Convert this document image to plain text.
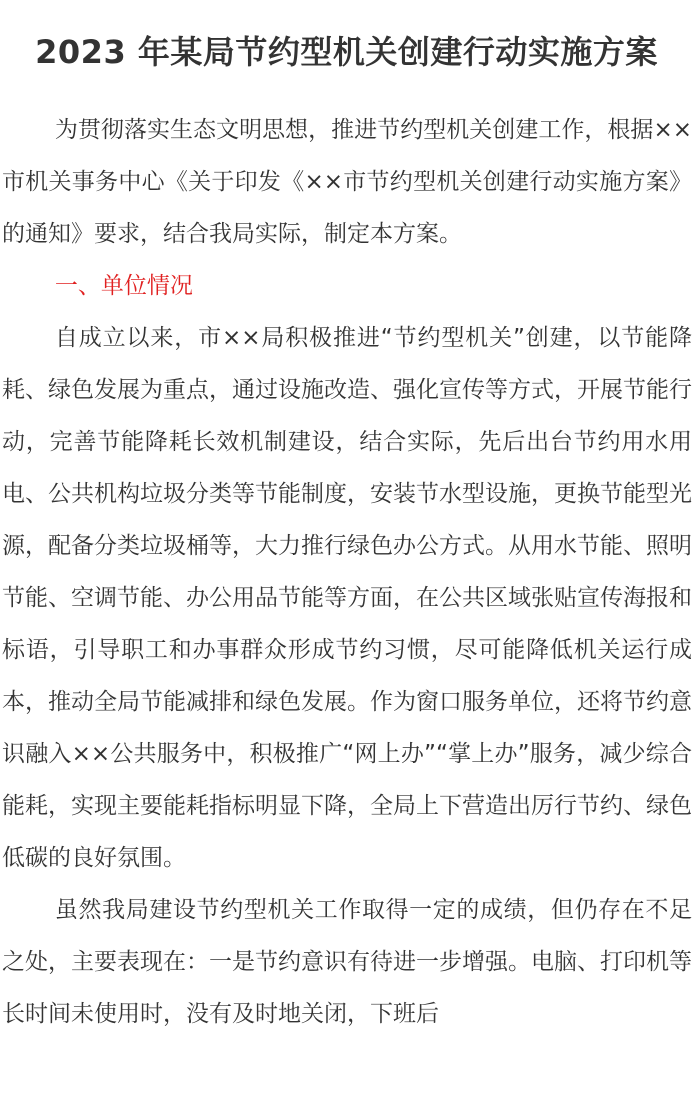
2023 年某局节约型机关创建行动实施方案

为贯彻落实生态文明思想，推进节约型机关创建工作，根据××市机关事务中心《关于印发《××市节约型机关创建行动实施方案》的通知》要求，结合我局实际，制定本方案。

一、单位情况

自成立以来，市××局积极推进“节约型机关”创建，以节能降耗、绿色发展为重点，通过设施改造、强化宣传等方式，开展节能行动，完善节能降耗长效机制建设，结合实际，先后出台节约用水用电、公共机构垃圾分类等节能制度，安装节水型设施，更换节能型光源，配备分类垃圾桶等，大力推行绿色办公方式。从用水节能、照明节能、空调节能、办公用品节能等方面，在公共区域张贴宣传海报和标语，引导职工和办事群众形成节约习惯，尽可能降低机关运行成本，推动全局节能减排和绿色发展。作为窗口服务单位，还将节约意识融入××公共服务中，积极推广“网上办”“掌上办”服务，减少综合能耗，实现主要能耗指标明显下降，全局上下营造出厉行节约、绿色低碳的良好氛围。

虽然我局建设节约型机关工作取得一定的成绩，但仍存在不足之处，主要表现在：一是节约意识有待进一步增强。电脑、打印机等长时间未使用时，没有及时地关闭，下班后
